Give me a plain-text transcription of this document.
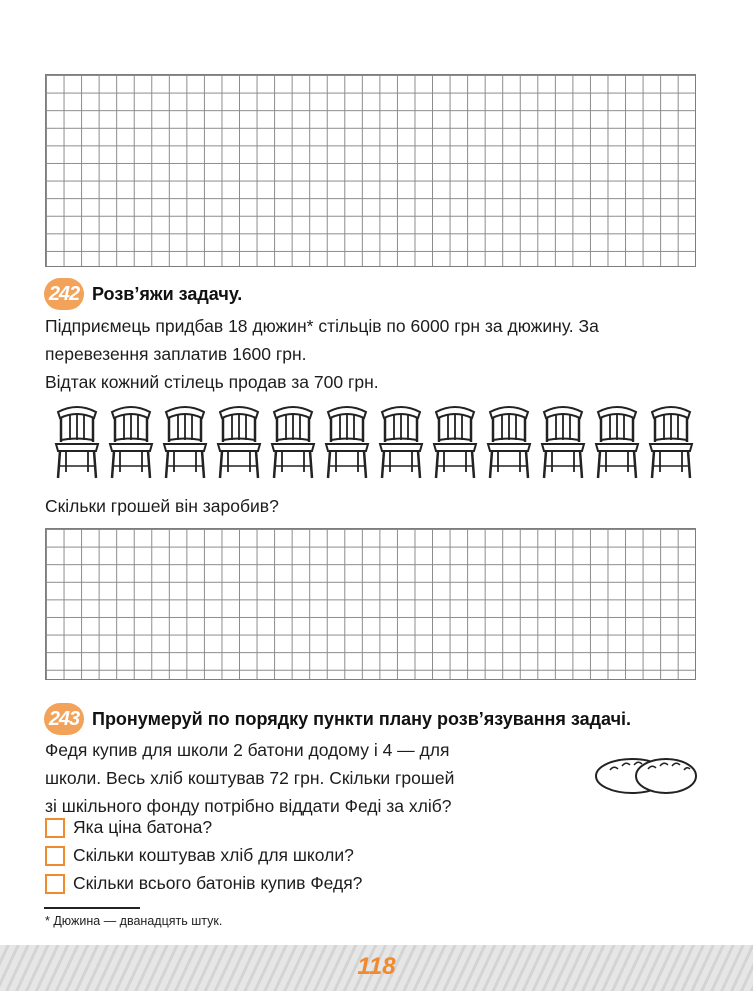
242 Розв’яжи задачу.
Підприємець придбав 18 дюжин* стільців по 6000 грн за дюжину. За
перевезення заплатив 1600 грн.
Відтак кожний стілець продав за 700 грн.
Скільки грошей він заробив?
243 Пронумеруй по порядку пункти плану розв’язування задачі.
Федя купив для школи 2 батони додому і 4 — для
школи. Весь хліб коштував 72 грн. Скільки грошей
зі шкільного фонду потрібно віддати Феді за хліб?
Яка ціна батона?
Скільки коштував хліб для школи?
Скільки всього батонів купив Федя?
* Дюжина — дванадцять штук.
118
